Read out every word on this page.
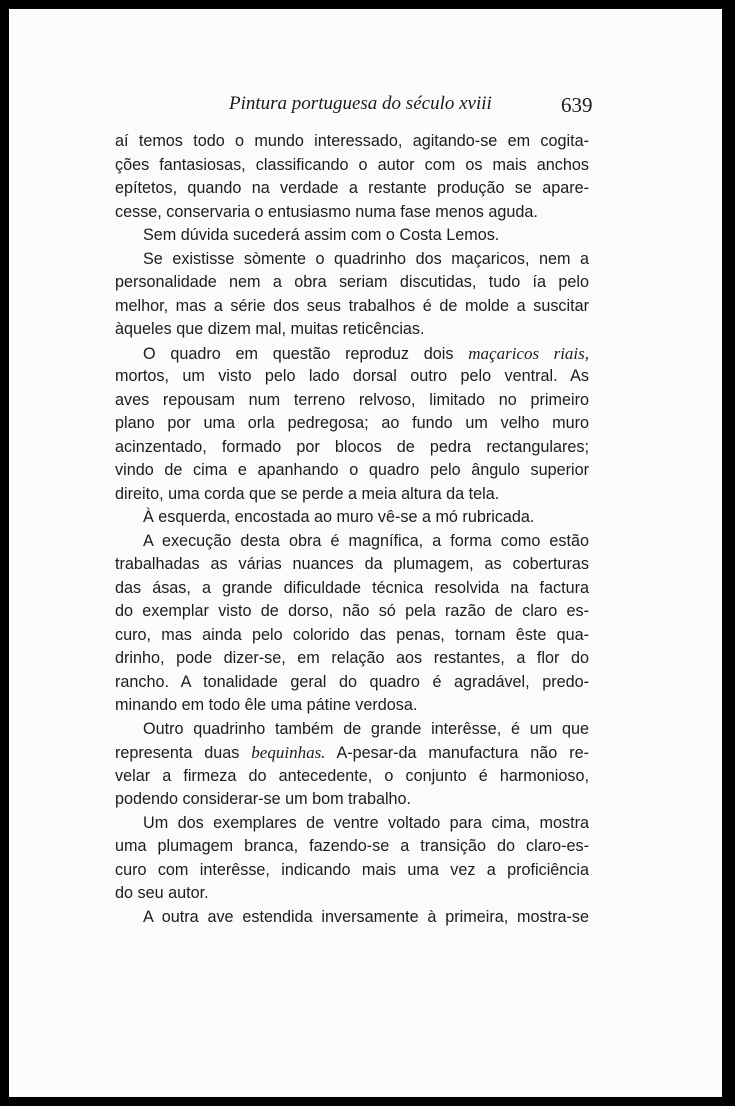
Pintura portuguesa do século xviii	639
aí temos todo o mundo interessado, agitando-se em cogita-
ções fantasiosas, classificando o autor com os mais anchos
epítetos, quando na verdade a restante produção se apare-
cesse, conservaria o entusiasmo numa fase menos aguda.
Sem dúvida sucederá assim com o Costa Lemos.
Se existisse sòmente o quadrinho dos maçaricos, nem a
personalidade nem a obra seriam discutidas, tudo ía pelo
melhor, mas a série dos seus trabalhos é de molde a suscitar
àqueles que dizem mal, muitas reticências.
O quadro em questão reproduz dois maçaricos riais,
mortos, um visto pelo lado dorsal outro pelo ventral. As
aves repousam num terreno relvoso, limitado no primeiro
plano por uma orla pedregosa; ao fundo um velho muro
acinzentado, formado por blocos de pedra rectangulares;
vindo de cima e apanhando o quadro pelo ângulo superior
direito, uma corda que se perde a meia altura da tela.
À esquerda, encostada ao muro vê-se a mó rubricada.
A execução desta obra é magnífica, a forma como estão
trabalhadas as várias nuances da plumagem, as coberturas
das ásas, a grande dificuldade técnica resolvida na factura
do exemplar visto de dorso, não só pela razão de claro es-
curo, mas ainda pelo colorido das penas, tornam êste qua-
drinho, pode dizer-se, em relação aos restantes, a flor do
rancho. A tonalidade geral do quadro é agradável, predo-
minando em todo êle uma pátine verdosa.
Outro quadrinho também de grande interêsse, é um que
representa duas bequinhas. A-pesar-da manufactura não re-
velar a firmeza do antecedente, o conjunto é harmonioso,
podendo considerar-se um bom trabalho.
Um dos exemplares de ventre voltado para cima, mostra
uma plumagem branca, fazendo-se a transição do claro-es-
curo com interêsse, indicando mais uma vez a proficiência
do seu autor.
A outra ave estendida inversamente à primeira, mostra-se
